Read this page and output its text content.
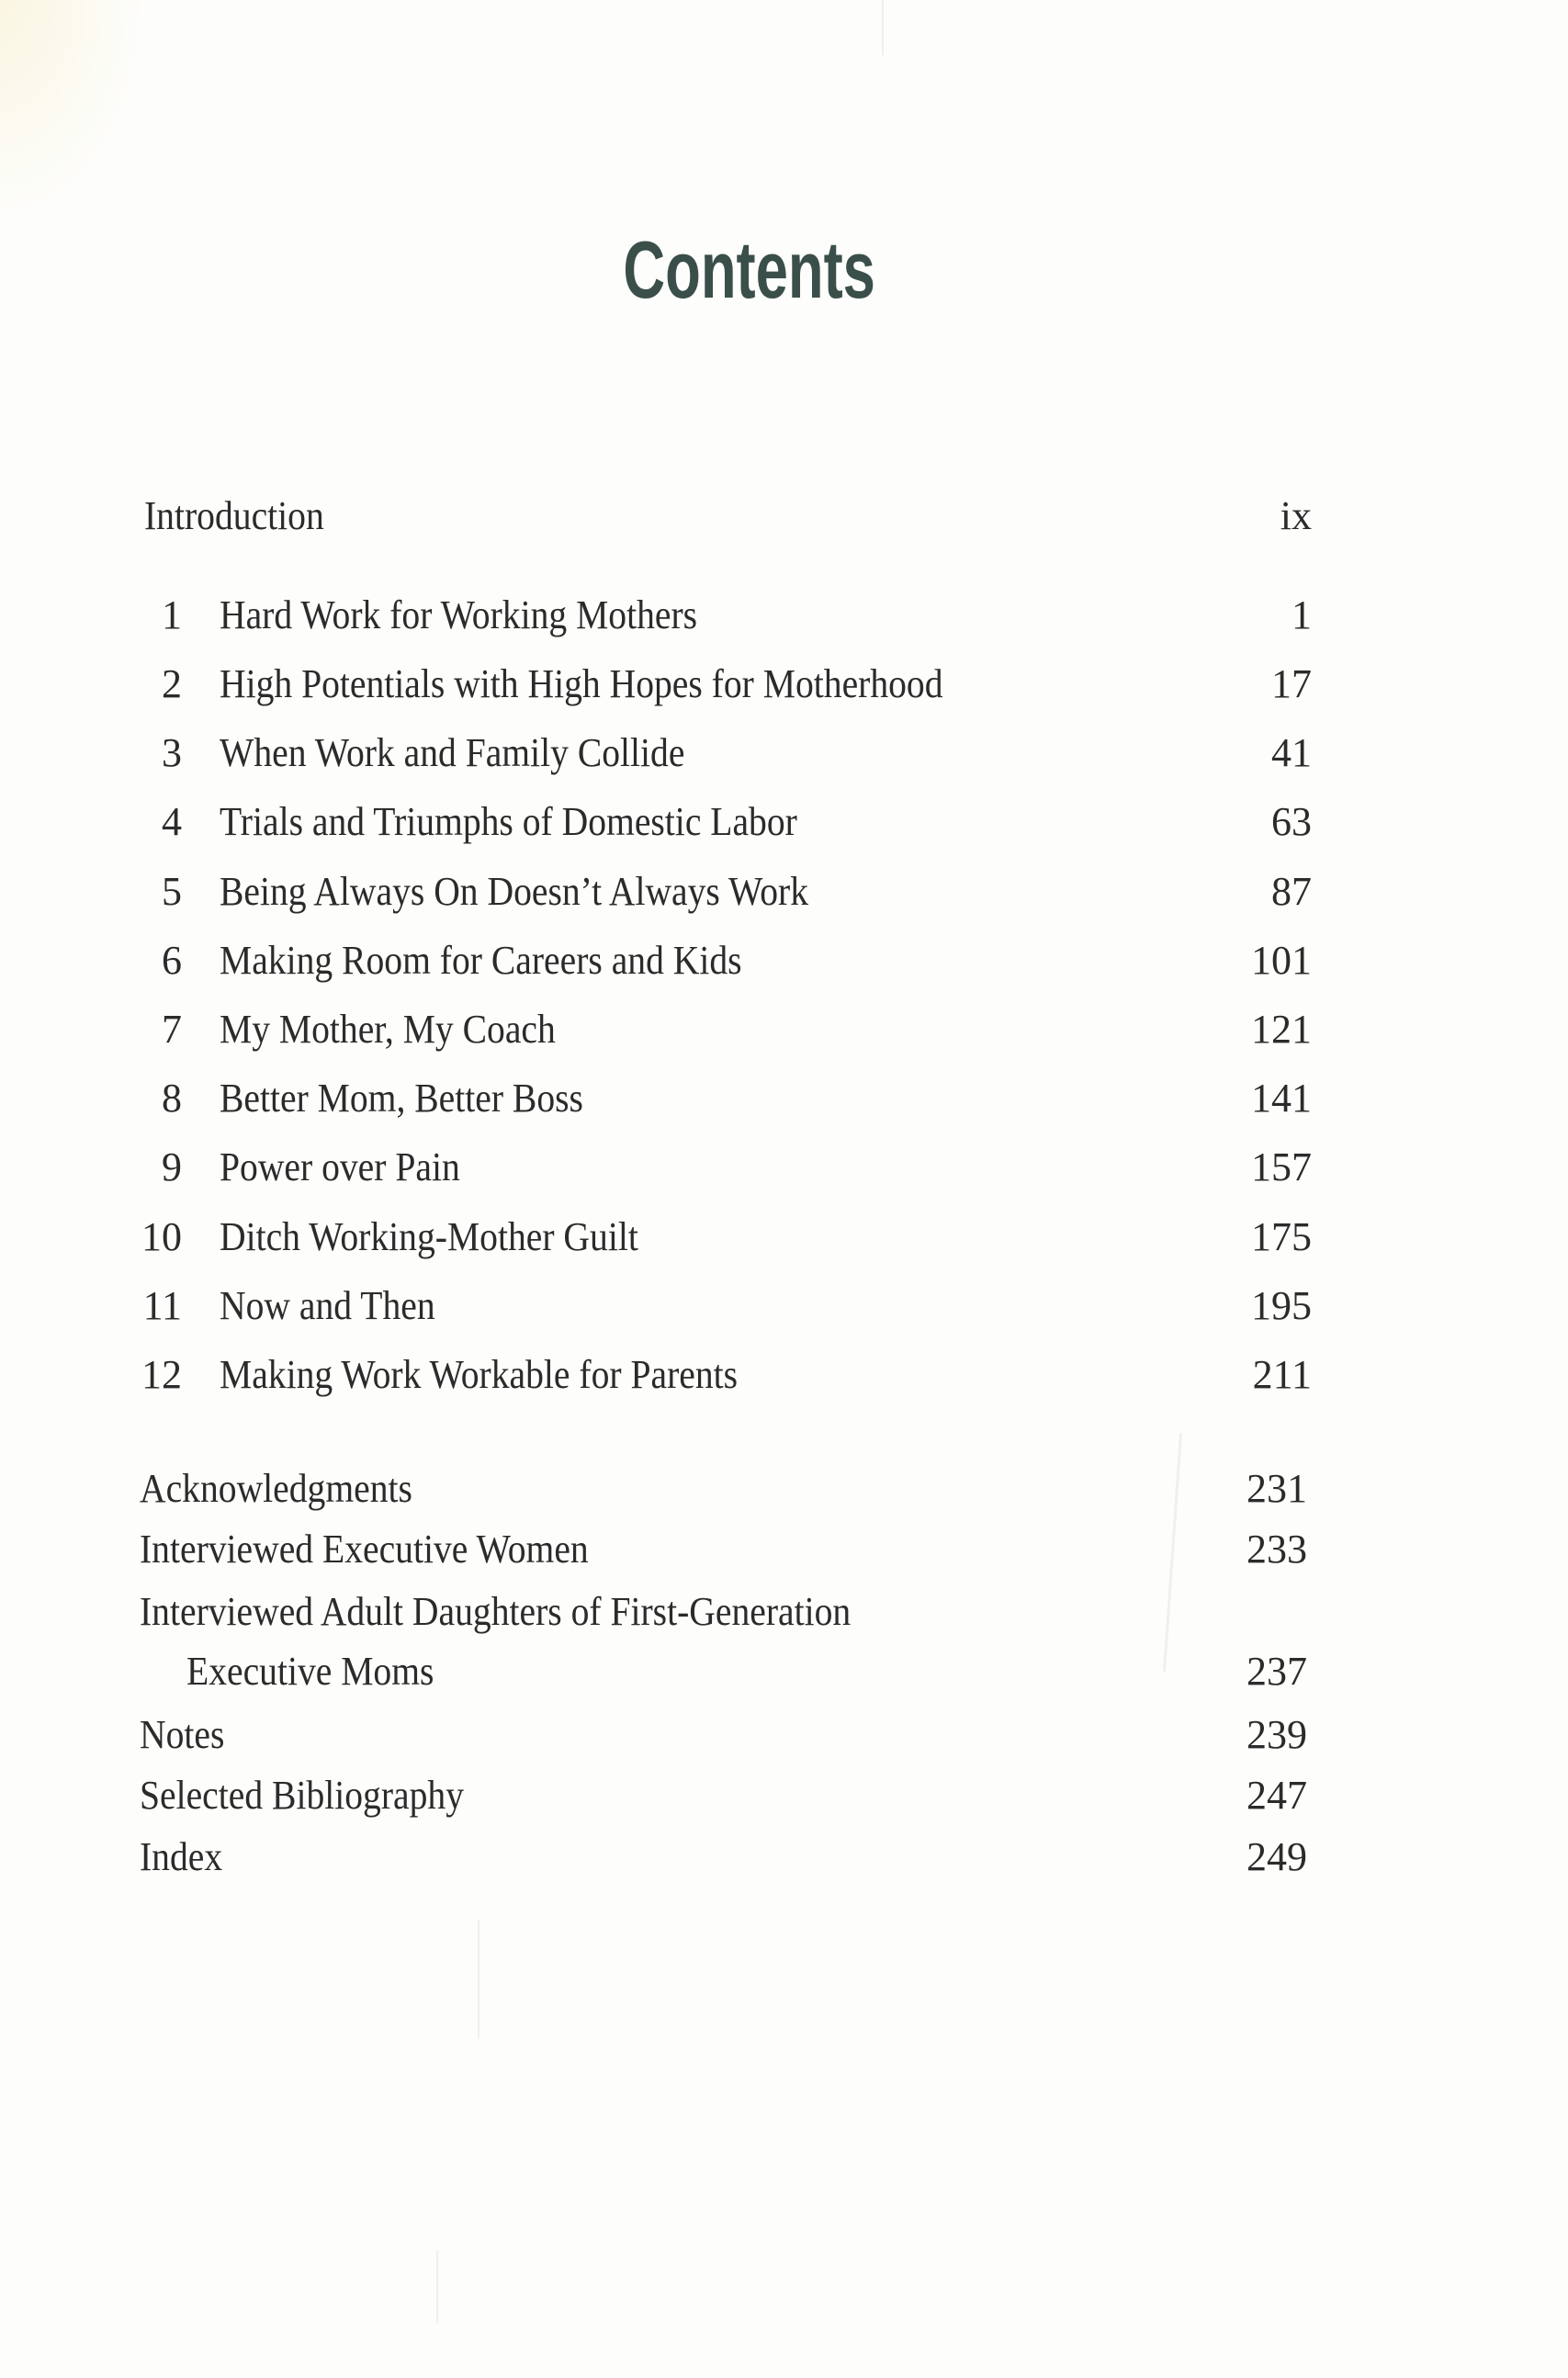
Contents
Introduction	ix
1 Hard Work for Working Mothers	1
2 High Potentials with High Hopes for Motherhood	17
3 When Work and Family Collide	41
4 Trials and Triumphs of Domestic Labor	63
5 Being Always On Doesn’t Always Work	87
6 Making Room for Careers and Kids	101
7 My Mother, My Coach	121
8 Better Mom, Better Boss	141
9 Power over Pain	157
10 Ditch Working-Mother Guilt	175
11 Now and Then	195
12 Making Work Workable for Parents	211
Acknowledgments	231
Interviewed Executive Women	233
Interviewed Adult Daughters of First-Generation
Executive Moms	237
Notes	239
Selected Bibliography	247
Index	249
